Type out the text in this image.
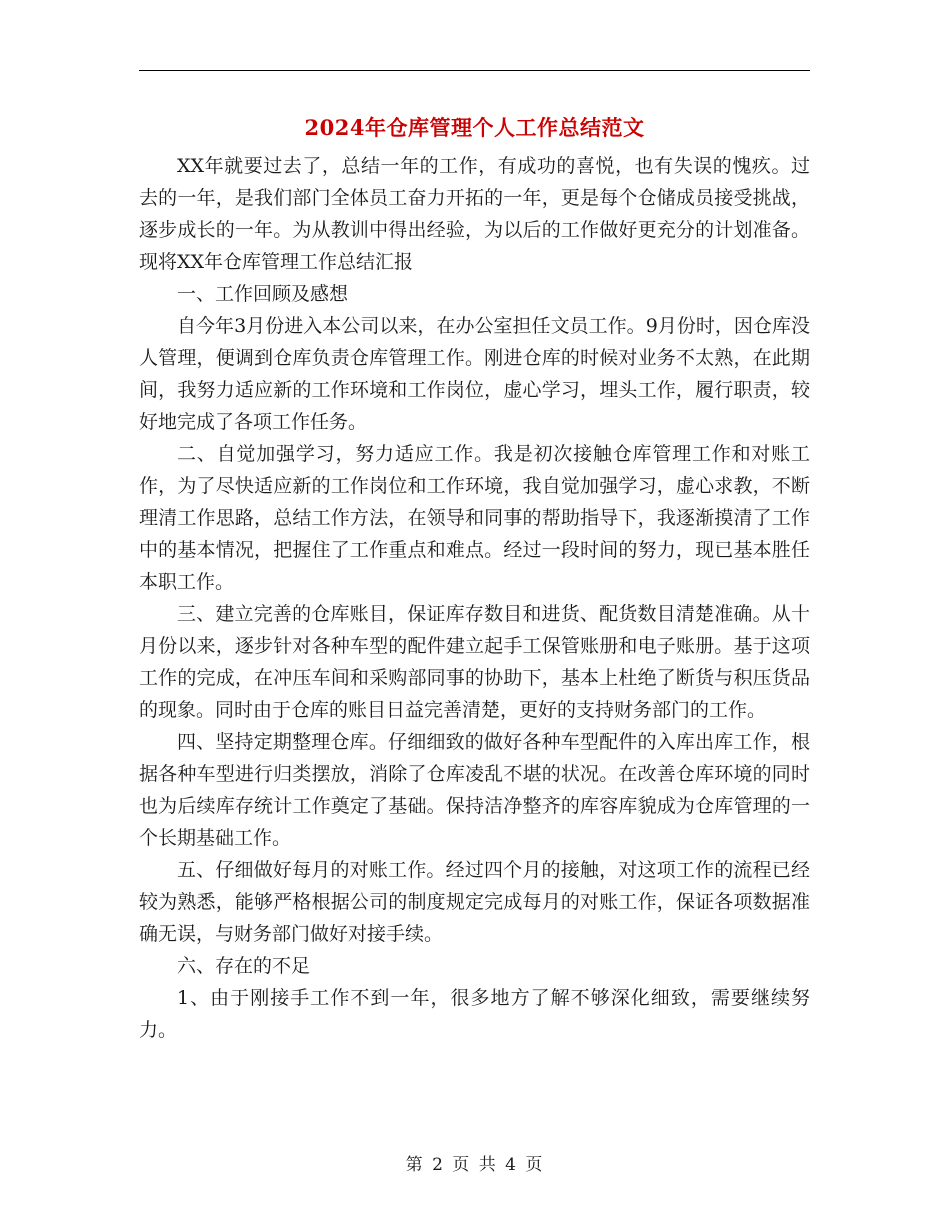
2024年仓库管理个人工作总结范文

XX年就要过去了，总结一年的工作，有成功的喜悦，也有失误的愧疚。过去的一年，是我们部门全体员工奋力开拓的一年，更是每个仓储成员接受挑战，逐步成长的一年。为从教训中得出经验，为以后的工作做好更充分的计划准备。现将XX年仓库管理工作总结汇报

一、工作回顾及感想

自今年3月份进入本公司以来，在办公室担任文员工作。9月份时，因仓库没人管理，便调到仓库负责仓库管理工作。刚进仓库的时候对业务不太熟，在此期间，我努力适应新的工作环境和工作岗位，虚心学习，埋头工作，履行职责，较好地完成了各项工作任务。

二、自觉加强学习，努力适应工作。我是初次接触仓库管理工作和对账工作，为了尽快适应新的工作岗位和工作环境，我自觉加强学习，虚心求教，不断理清工作思路，总结工作方法，在领导和同事的帮助指导下，我逐渐摸清了工作中的基本情况，把握住了工作重点和难点。经过一段时间的努力，现已基本胜任本职工作。

三、建立完善的仓库账目，保证库存数目和进货、配货数目清楚准确。从十月份以来，逐步针对各种车型的配件建立起手工保管账册和电子账册。基于这项工作的完成，在冲压车间和采购部同事的协助下，基本上杜绝了断货与积压货品的现象。同时由于仓库的账目日益完善清楚，更好的支持财务部门的工作。

四、坚持定期整理仓库。仔细细致的做好各种车型配件的入库出库工作，根据各种车型进行归类摆放，消除了仓库凌乱不堪的状况。在改善仓库环境的同时也为后续库存统计工作奠定了基础。保持洁净整齐的库容库貌成为仓库管理的一个长期基础工作。

五、仔细做好每月的对账工作。经过四个月的接触，对这项工作的流程已经较为熟悉，能够严格根据公司的制度规定完成每月的对账工作，保证各项数据准确无误，与财务部门做好对接手续。

六、存在的不足

1、由于刚接手工作不到一年，很多地方了解不够深化细致，需要继续努力。

第 2 页 共 4 页
